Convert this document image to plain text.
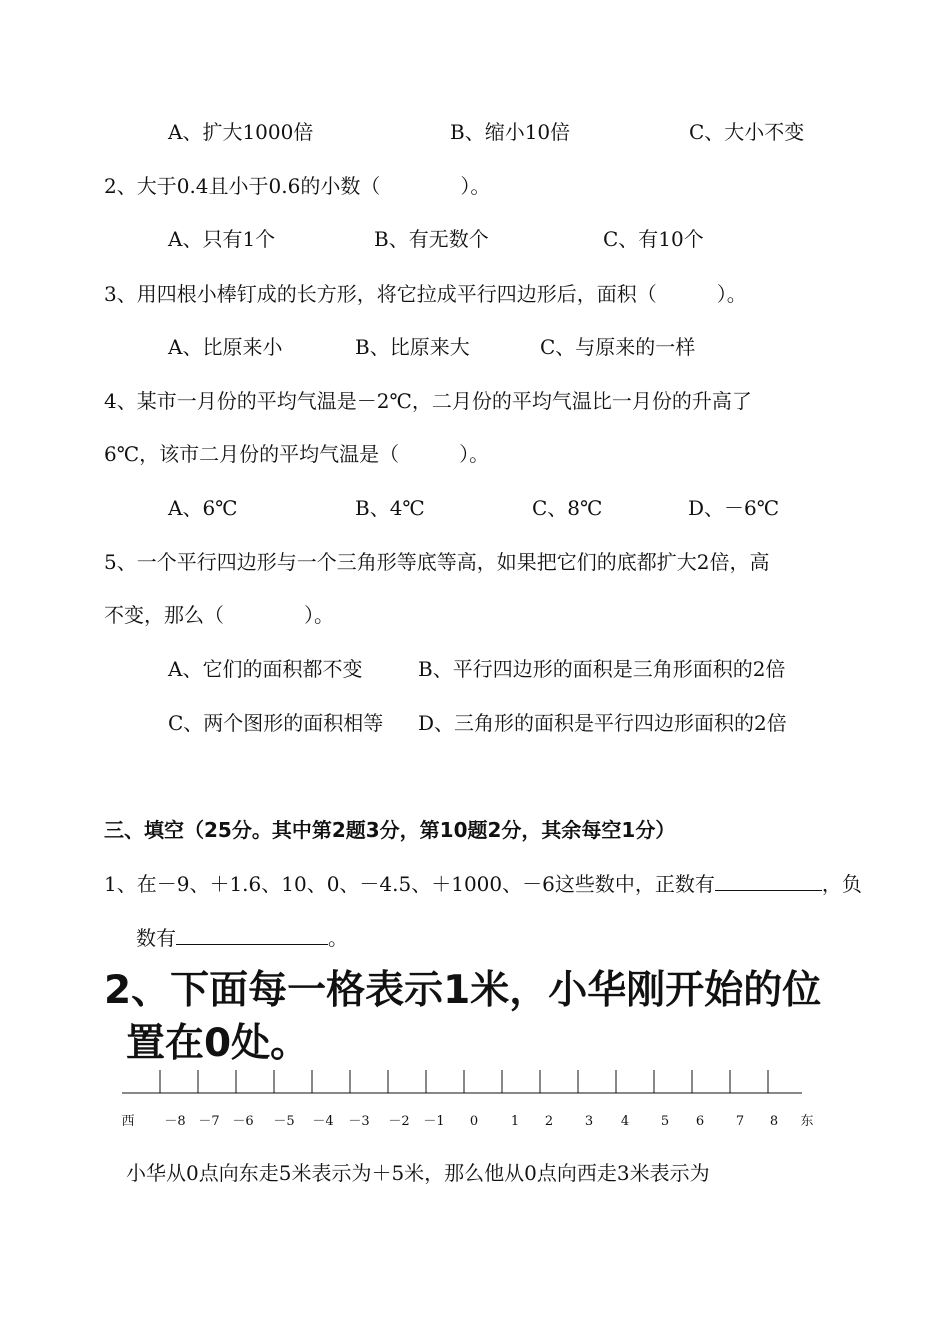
A、扩大1000倍	B、缩小10倍	C、大小不变
2、大于0.4且小于0.6的小数（　　　　）。
A、只有1个	B、有无数个	C、有10个
3、用四根小棒钉成的长方形，将它拉成平行四边形后，面积（　　　）。
A、比原来小	B、比原来大	C、与原来的一样
4、某市一月份的平均气温是－2℃，二月份的平均气温比一月份的升高了
6℃，该市二月份的平均气温是（　　　）。
A、6℃	B、4℃	C、8℃	D、－6℃
5、一个平行四边形与一个三角形等底等高，如果把它们的底都扩大2倍，高
不变，那么（　　　　）。
A、它们的面积都不变	B、平行四边形的面积是三角形面积的2倍
C、两个图形的面积相等 D、三角形的面积是平行四边形面积的2倍
三、填空（25分。其中第2题3分，第10题2分，其余每空1分）
1、在－9、＋1.6、10、0、－4.5、＋1000、－6这些数中，正数有	，负
数有	。
2、下面每一格表示1米，小华刚开始的位
置在0处。
西 －8 －7 －6 －5 －4 －3 －2 －1 0	1 2 3 4 5 6 7 8 东
小华从0点向东走5米表示为＋5米，那么他从0点向西走3米表示为
